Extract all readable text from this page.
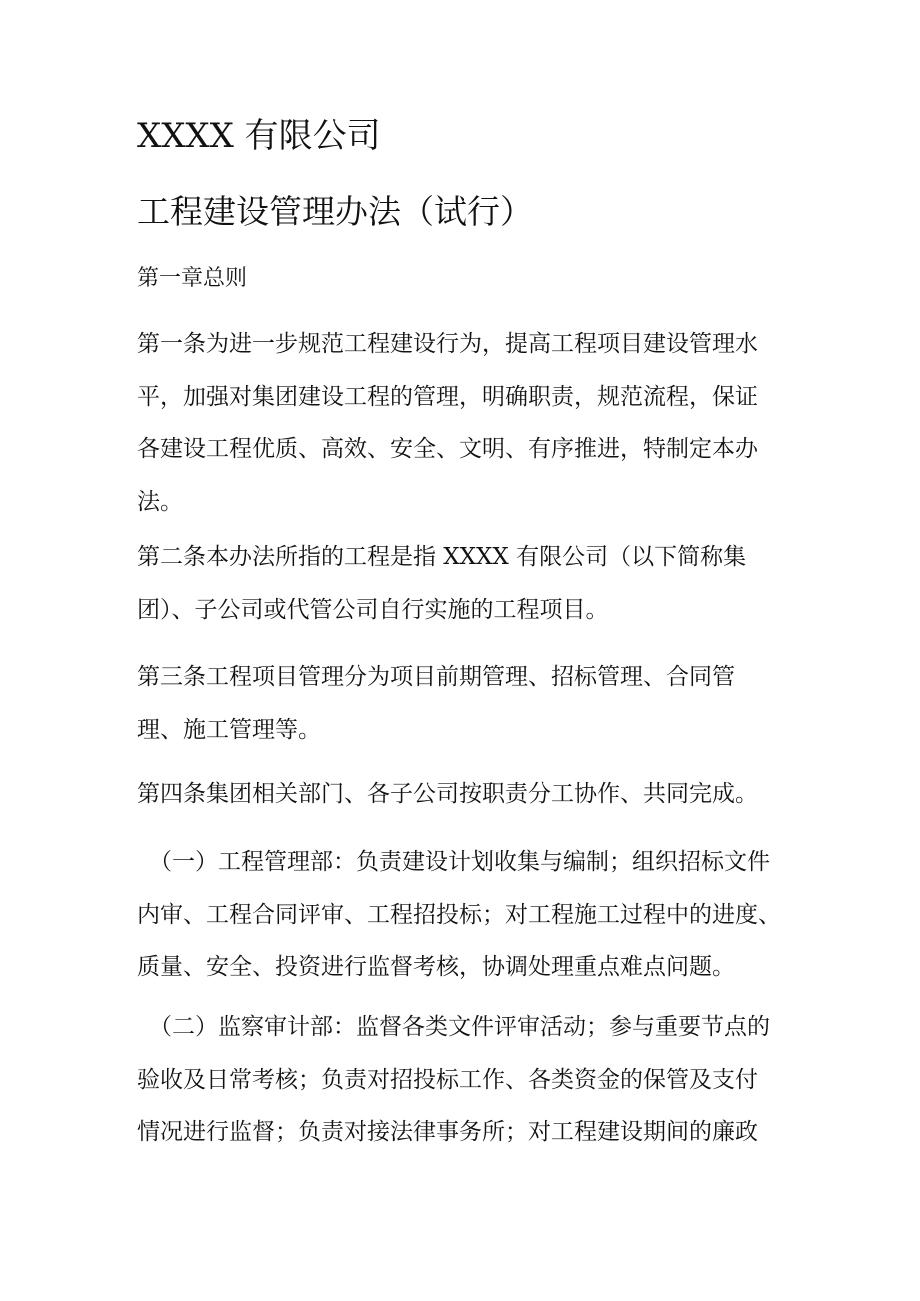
XXXX 有限公司
工程建设管理办法（试行）
第一章总则
第一条为进一步规范工程建设行为，提高工程项目建设管理水
平，加强对集团建设工程的管理，明确职责，规范流程，保证
各建设工程优质、高效、安全、文明、有序推进，特制定本办
法。
第二条本办法所指的工程是指 XXXX 有限公司（以下简称集
团）、子公司或代管公司自行实施的工程项目。
第三条工程项目管理分为项目前期管理、招标管理、合同管
理、施工管理等。
第四条集团相关部门、各子公司按职责分工协作、共同完成。
（一）工程管理部：负责建设计划收集与编制；组织招标文件
内审、工程合同评审、工程招投标；对工程施工过程中的进度、
质量、安全、投资进行监督考核，协调处理重点难点问题。
（二）监察审计部：监督各类文件评审活动；参与重要节点的
验收及日常考核；负责对招投标工作、各类资金的保管及支付
情况进行监督；负责对接法律事务所；对工程建设期间的廉政
